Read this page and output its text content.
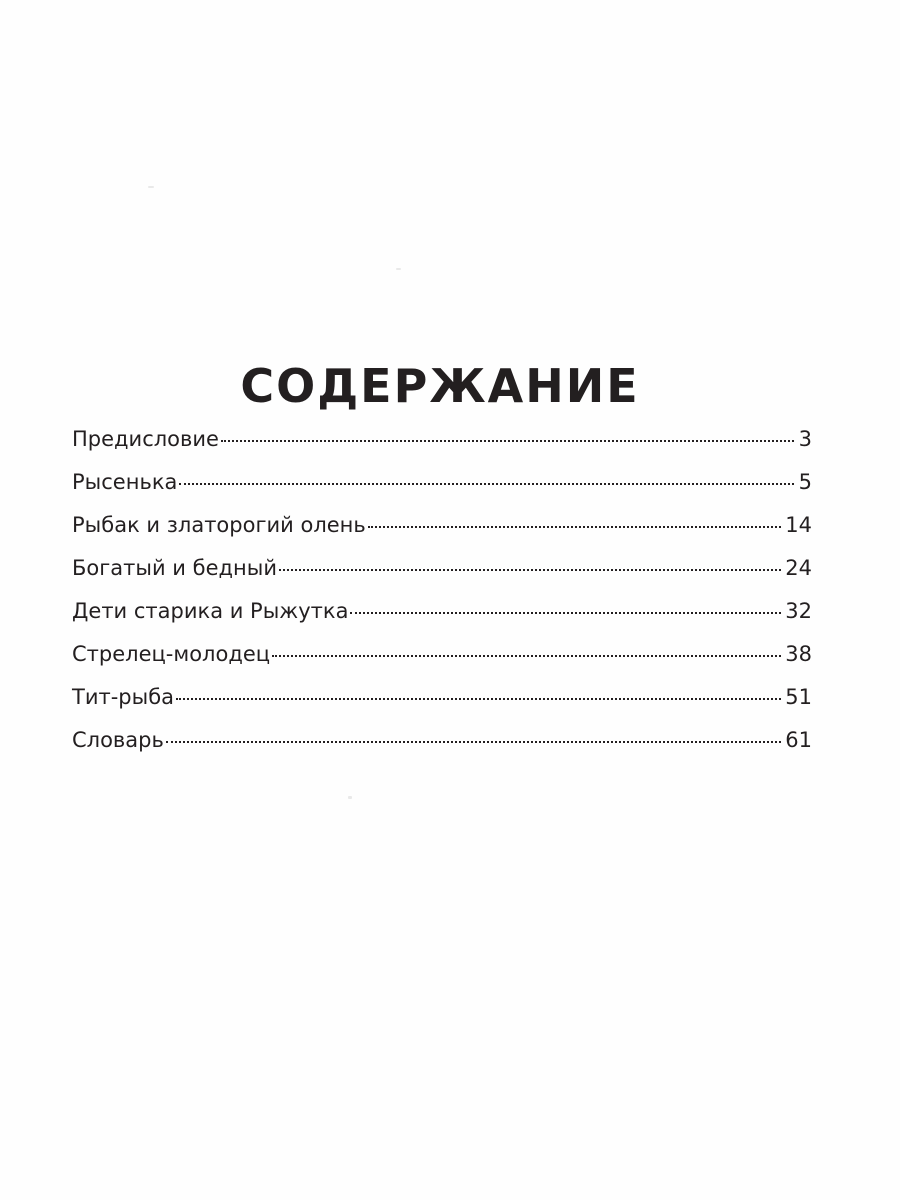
СОДЕРЖАНИЕ
Предисловие	3
Рысенька	5
Рыбак и златорогий олень	14
Богатый и бедный	24
Дети старика и Рыжутка	32
Стрелец-молодец	38
Тит-рыба	51
Словарь	61
